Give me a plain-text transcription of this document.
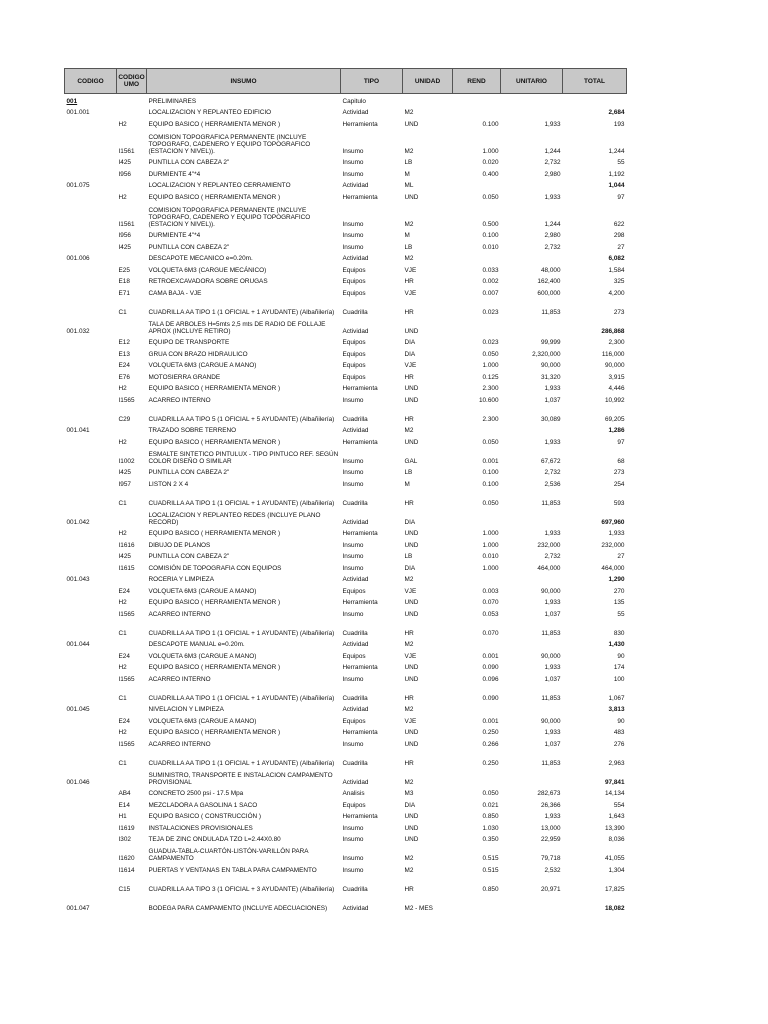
CODIGO	CODIGO UMO	INSUMO	TIPO	UNIDAD	REND	UNITARIO	TOTAL
001		PRELIMINARES	Capitulo				
001.001		LOCALIZACION Y REPLANTEO EDIFICIO	Actividad	M2			2,684
	H2	EQUIPO BASICO ( HERRAMIENTA MENOR )	Herramienta	UND	0.100	1,933	193
	I1561	COMISION TOPOGRAFICA PERMANENTE (INCLUYE TOPOGRAFO, CADENERO Y EQUIPO TOPOGRAFICO (ESTACION Y NIVEL)).	Insumo	M2	1.000	1,244	1,244
	I425	PUNTILLA CON CABEZA 2"	Insumo	LB	0.020	2,732	55
	I956	DURMIENTE 4"*4	Insumo	M	0.400	2,980	1,192
001.075		LOCALIZACION Y REPLANTEO CERRAMIENTO	Actividad	ML			1,044
	H2	EQUIPO BASICO ( HERRAMIENTA MENOR )	Herramienta	UND	0.050	1,933	97
	I1561	COMISION TOPOGRAFICA PERMANENTE (INCLUYE TOPOGRAFO, CADENERO Y EQUIPO TOPOGRAFICO (ESTACION Y NIVEL)).	Insumo	M2	0.500	1,244	622
	I956	DURMIENTE 4"*4	Insumo	M	0.100	2,980	298
	I425	PUNTILLA CON CABEZA 2"	Insumo	LB	0.010	2,732	27
001.006		DESCAPOTE MECANICO e=0.20m.	Actividad	M2			6,082
	E25	VOLQUETA 6M3 (CARGUE MECÁNICO)	Equipos	VJE	0.033	48,000	1,584
	E18	RETROEXCAVADORA SOBRE ORUGAS	Equipos	HR	0.002	162,400	325
	E71	CAMA BAJA - VJE	Equipos	VJE	0.007	600,000	4,200
	C1	CUADRILLA AA TIPO 1 (1 OFICIAL + 1 AYUDANTE) (Albañilería)	Cuadrilla	HR	0.023	11,853	273
001.032		TALA DE ARBOLES H=5mts 2,5 mts DE RADIO DE FOLLAJE APROX (INCLUYE RETIRO)	Actividad	UND			286,868
	E12	EQUIPO DE TRANSPORTE	Equipos	DIA	0.023	99,999	2,300
	E13	GRUA CON BRAZO HIDRAULICO	Equipos	DIA	0.050	2,320,000	116,000
	E24	VOLQUETA 6M3 (CARGUE A MANO)	Equipos	VJE	1.000	90,000	90,000
	E76	MOTOSIERRA GRANDE	Equipos	HR	0.125	31,320	3,915
	H2	EQUIPO BASICO ( HERRAMIENTA MENOR )	Herramienta	UND	2.300	1,933	4,446
	I1565	ACARREO INTERNO	Insumo	UND	10.600	1,037	10,992
	C29	CUADRILLA AA TIPO 5 (1 OFICIAL + 5 AYUDANTE) (Albañilería)	Cuadrilla	HR	2.300	30,089	69,205
001.041		TRAZADO SOBRE TERRENO	Actividad	M2			1,286
	H2	EQUIPO BASICO ( HERRAMIENTA MENOR )	Herramienta	UND	0.050	1,933	97
	I1002	ESMALTE SINTETICO PINTULUX - TIPO PINTUCO REF. SEGÚN COLOR DISEÑO O SIMILAR	Insumo	GAL	0.001	67,672	68
	I425	PUNTILLA CON CABEZA 2"	Insumo	LB	0.100	2,732	273
	I957	LISTON 2 X 4	Insumo	M	0.100	2,536	254
	C1	CUADRILLA AA TIPO 1 (1 OFICIAL + 1 AYUDANTE) (Albañilería)	Cuadrilla	HR	0.050	11,853	593
001.042		LOCALIZACION Y REPLANTEO REDES (INCLUYE PLANO RECORD)	Actividad	DIA			697,960
	H2	EQUIPO BASICO ( HERRAMIENTA MENOR )	Herramienta	UND	1.000	1,933	1,933
	I1616	DIBUJO DE PLANOS	Insumo	UND	1.000	232,000	232,000
	I425	PUNTILLA CON CABEZA 2"	Insumo	LB	0.010	2,732	27
	I1615	COMISIÓN DE TOPOGRAFIA CON EQUIPOS	Insumo	DIA	1.000	464,000	464,000
001.043		ROCERIA Y LIMPIEZA	Actividad	M2			1,290
	E24	VOLQUETA 6M3 (CARGUE A MANO)	Equipos	VJE	0.003	90,000	270
	H2	EQUIPO BASICO ( HERRAMIENTA MENOR )	Herramienta	UND	0.070	1,933	135
	I1565	ACARREO INTERNO	Insumo	UND	0.053	1,037	55
	C1	CUADRILLA AA TIPO 1 (1 OFICIAL + 1 AYUDANTE) (Albañilería)	Cuadrilla	HR	0.070	11,853	830
001.044		DESCAPOTE MANUAL e=0.20m.	Actividad	M2			1,430
	E24	VOLQUETA 6M3 (CARGUE A MANO)	Equipos	VJE	0.001	90,000	90
	H2	EQUIPO BASICO ( HERRAMIENTA MENOR )	Herramienta	UND	0.090	1,933	174
	I1565	ACARREO INTERNO	Insumo	UND	0.096	1,037	100
	C1	CUADRILLA AA TIPO 1 (1 OFICIAL + 1 AYUDANTE) (Albañilería)	Cuadrilla	HR	0.090	11,853	1,067
001.045		NIVELACION Y LIMPIEZA	Actividad	M2			3,813
	E24	VOLQUETA 6M3 (CARGUE A MANO)	Equipos	VJE	0.001	90,000	90
	H2	EQUIPO BASICO ( HERRAMIENTA MENOR )	Herramienta	UND	0.250	1,933	483
	I1565	ACARREO INTERNO	Insumo	UND	0.266	1,037	276
	C1	CUADRILLA AA TIPO 1 (1 OFICIAL + 1 AYUDANTE) (Albañilería)	Cuadrilla	HR	0.250	11,853	2,963
001.046		SUMINISTRO, TRANSPORTE E INSTALACION CAMPAMENTO PROVISIONAL	Actividad	M2			97,841
	AB4	CONCRETO 2500 psi - 17.5 Mpa	Analisis	M3	0.050	282,673	14,134
	E14	MEZCLADORA A GASOLINA 1 SACO	Equipos	DIA	0.021	26,366	554
	H1	EQUIPO BASICO ( CONSTRUCCIÓN )	Herramienta	UND	0.850	1,933	1,643
	I1619	INSTALACIONES PROVISIONALES	Insumo	UND	1.030	13,000	13,390
	I302	TEJA DE ZINC ONDULADA TZO L=2.44X0.80	Insumo	UND	0.350	22,959	8,036
	I1620	GUADUA-TABLA-CUARTÓN-LISTÓN-VARILLÓN PARA CAMPAMENTO	Insumo	M2	0.515	79,718	41,055
	I1614	PUERTAS Y VENTANAS EN TABLA PARA CAMPAMENTO	Insumo	M2	0.515	2,532	1,304
	C15	CUADRILLA AA TIPO 3 (1 OFICIAL + 3 AYUDANTE) (Albañilería)	Cuadrilla	HR	0.850	20,971	17,825
001.047		BODEGA PARA CAMPAMENTO (INCLUYE ADECUACIONES)	Actividad	M2 - MES			18,082
